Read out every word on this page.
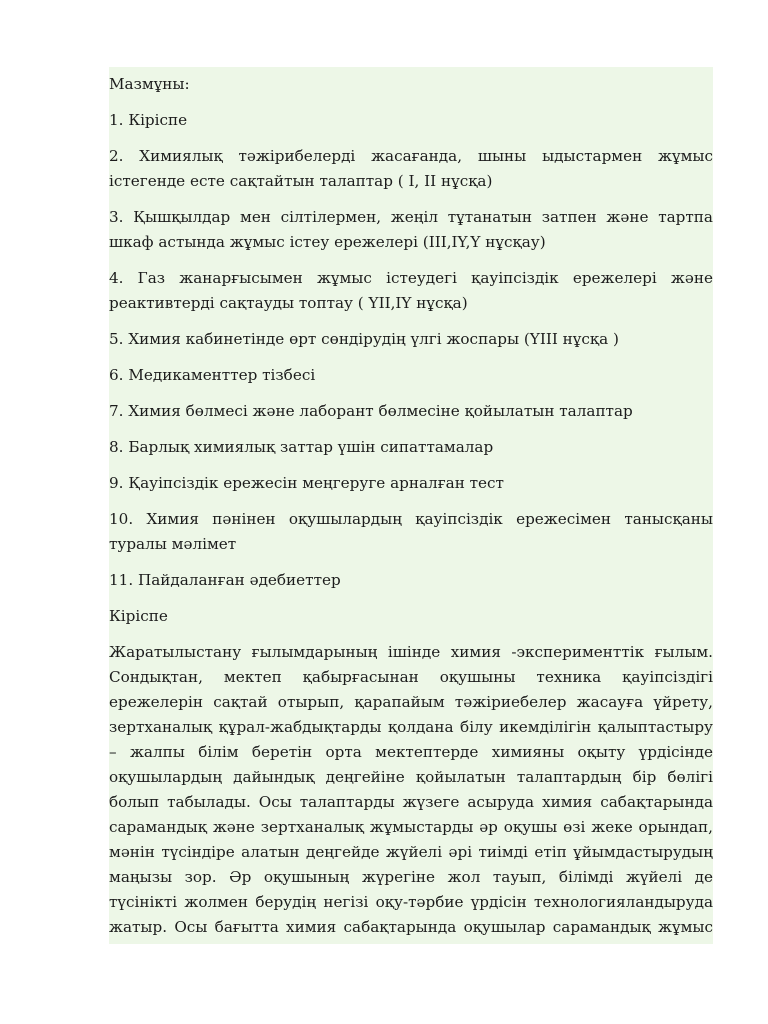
Мазмұны:

1. Кіріспе

2. Химиялық тәжірибелерді жасағанда, шыны ыдыстармен жұмыс істегенде есте сақтайтын талаптар ( I, II нұсқа)

3. Қышқылдар мен сілтілермен, жеңіл тұтанатын затпен және тартпа шкаф астында жұмыс істеу ережелері (III,IY,Y нұсқау)

4. Газ жанарғысымен жұмыс істеудегі қауіпсіздік ережелері және реактивтерді сақтауды топтау ( YII,IY нұсқа)

5. Химия кабинетінде өрт сөндірудің үлгі жоспары (YIII нұсқа )

6. Медикаменттер тізбесі

7. Химия бөлмесі және лаборант бөлмесіне қойылатын талаптар

8. Барлық химиялық заттар үшін сипаттамалар

9. Қауіпсіздік ережесін меңгеруге арналған тест

10. Химия пәнінен оқушылардың қауіпсіздік ережесімен танысқаны туралы мәлімет

11. Пайдаланған әдебиеттер

Кіріспе

Жаратылыстану ғылымдарының ішінде химия -эксперименттік ғылым. Сондықтан, мектеп қабырғасынан оқушыны техника қауіпсіздігі ережелерін сақтай отырып, қарапайым тәжіриебелер жасауға үйрету, зертханалық құрал-жабдықтарды қолдана білу икемділігін қалыптастыру – жалпы білім беретін орта мектептерде химияны оқыту үрдісінде оқушылардың дайындық деңгейіне қойылатын талаптардың бір бөлігі болып табылады. Осы талаптарды жүзеге асыруда химия сабақтарында сарамандық және зертханалық жұмыстарды әр оқушы өзі жеке орындап, мәнін түсіндіре алатын деңгейде жүйелі әрі тиімді етіп ұйымдастырудың маңызы зор. Әр оқушының жүрегіне жол тауып, білімді жүйелі де түсінікті жолмен берудің негізі оқу-тәрбие үрдісін технологияландыруда жатыр. Осы бағытта химия сабақтарында оқушылар сарамандық жұмыс
